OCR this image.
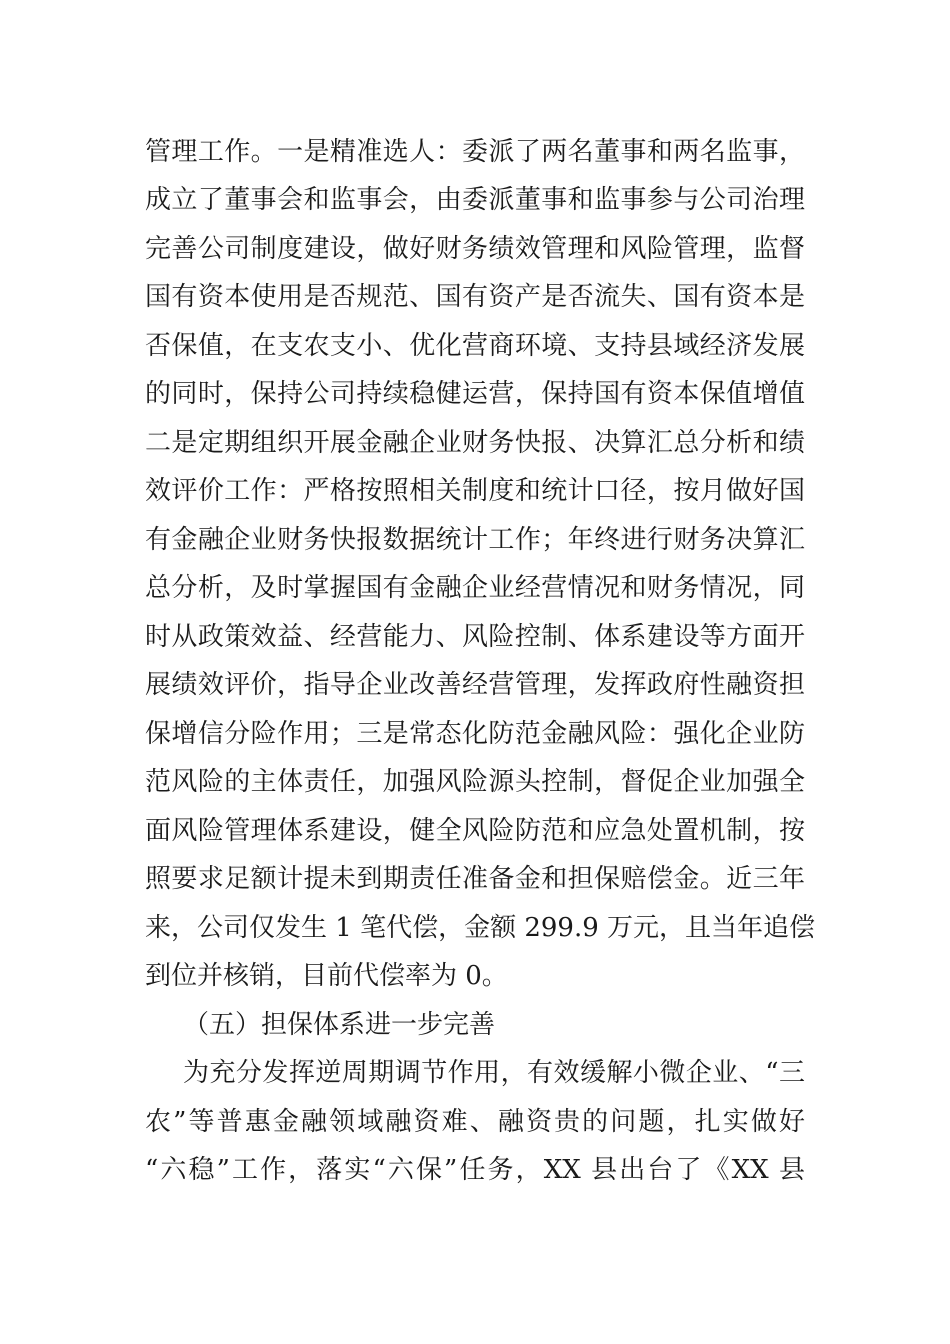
管理工作。一是精准选人：委派了两名董事和两名监事，
成立了董事会和监事会，由委派董事和监事参与公司治理
完善公司制度建设，做好财务绩效管理和风险管理，监督
国有资本使用是否规范、国有资产是否流失、国有资本是
否保值，在支农支小、优化营商环境、支持县域经济发展
的同时，保持公司持续稳健运营，保持国有资本保值增值
二是定期组织开展金融企业财务快报、决算汇总分析和绩
效评价工作：严格按照相关制度和统计口径，按月做好国
有金融企业财务快报数据统计工作；年终进行财务决算汇
总分析，及时掌握国有金融企业经营情况和财务情况，同
时从政策效益、经营能力、风险控制、体系建设等方面开
展绩效评价，指导企业改善经营管理，发挥政府性融资担
保增信分险作用；三是常态化防范金融风险：强化企业防
范风险的主体责任，加强风险源头控制，督促企业加强全
面风险管理体系建设，健全风险防范和应急处置机制，按
照要求足额计提未到期责任准备金和担保赔偿金。近三年
来，公司仅发生 1 笔代偿，金额 299.9 万元，且当年追偿
到位并核销，目前代偿率为 0。
（五）担保体系进一步完善
为充分发挥逆周期调节作用，有效缓解小微企业、“三
农”等普惠金融领域融资难、融资贵的问题，扎实做好
“六稳”工作，落实“六保”任务，XX 县出台了《XX 县
